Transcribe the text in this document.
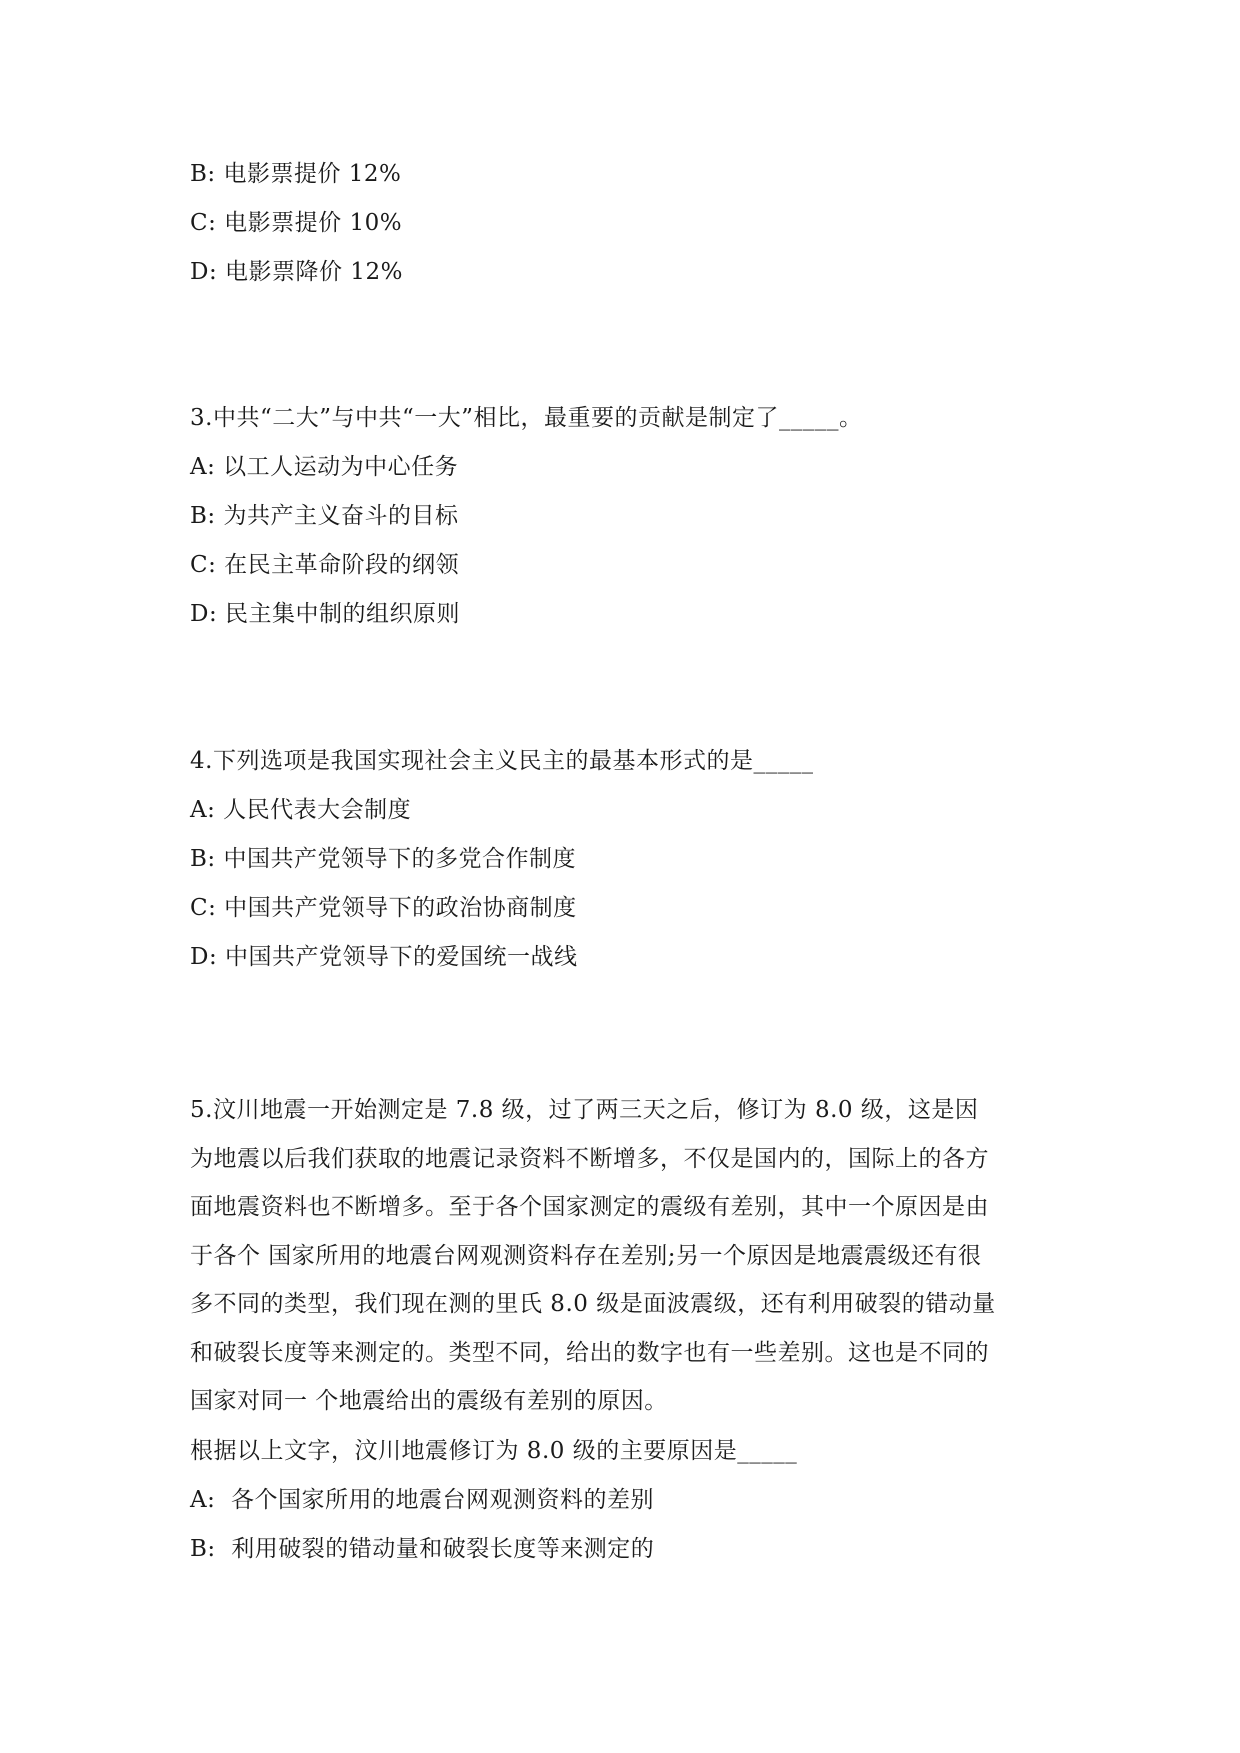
B: 电影票提价 12%
C: 电影票提价 10%
D: 电影票降价 12%
3.中共“二大”与中共“一大”相比，最重要的贡献是制定了_____。
A: 以工人运动为中心任务
B: 为共产主义奋斗的目标
C: 在民主革命阶段的纲领
D: 民主集中制的组织原则
4.下列选项是我国实现社会主义民主的最基本形式的是_____
A: 人民代表大会制度
B: 中国共产党领导下的多党合作制度
C: 中国共产党领导下的政治协商制度
D: 中国共产党领导下的爱国统一战线
5.汶川地震一开始测定是 7.8 级，过了两三天之后，修订为 8.0 级，这是因
为地震以后我们获取的地震记录资料不断增多，不仅是国内的，国际上的各方
面地震资料也不断增多。至于各个国家测定的震级有差别，其中一个原因是由
于各个 国家所用的地震台网观测资料存在差别;另一个原因是地震震级还有很
多不同的类型，我们现在测的里氏 8.0 级是面波震级，还有利用破裂的错动量
和破裂长度等来测定的。类型不同，给出的数字也有一些差别。这也是不同的
国家对同一 个地震给出的震级有差别的原因。
根据以上文字，汶川地震修订为 8.0 级的主要原因是_____
A:  各个国家所用的地震台网观测资料的差别
B:  利用破裂的错动量和破裂长度等来测定的
